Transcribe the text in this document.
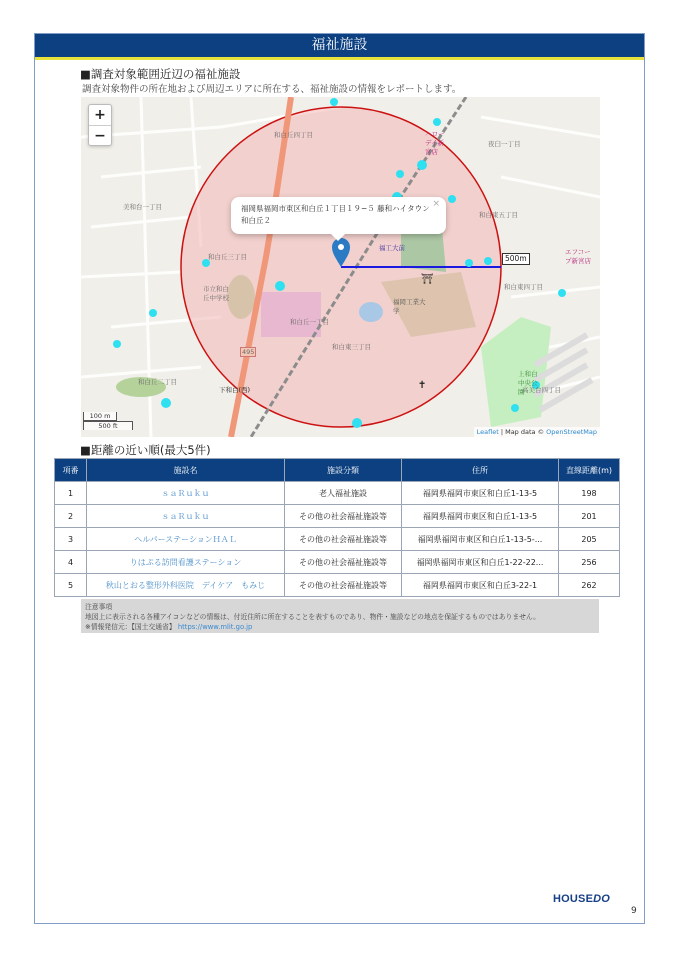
福祉施設
■調査対象範囲近辺の福祉施設
調査対象物件の所在地および周辺エリアに所在する、福祉施設の情報をレポートします。
⛩
✝
和白丘四丁目
夜臼一丁目
美和台一丁目
和白東五丁目
和白丘三丁目
和白東四丁目
和白丘一丁目
和白東三丁目
和白丘二丁目
高美台四丁目
福岡工業大学
福工大前
495
下和白(西)
上和白中央公園
ハローデイ新宮店
エフコープ新宮店
市立和白丘中学校
+
−
福岡県福岡市東区和白丘１丁目１９−５ 藤和ハイタウン
和白丘２
×
500m
100 m
500 ft
Leaflet | Map data © OpenStreetMap
■距離の近い順(最大5件)
項番	施設名	施設分類	住所	直線距離(m)
1	ｓａＲｕｋｕ	老人福祉施設	福岡県福岡市東区和白丘1-13-5	198
2	ｓａＲｕｋｕ	その他の社会福祉施設等	福岡県福岡市東区和白丘1-13-5	201
3	ヘルパーステーションＨＡＬ	その他の社会福祉施設等	福岡県福岡市東区和白丘1-13-5-...	205
4	りはぷる訪問看護ステーション	その他の社会福祉施設等	福岡県福岡市東区和白丘1-22-22...	256
5	秋山とおる整形外科医院　デイケア　もみじ	その他の社会福祉施設等	福岡県福岡市東区和白丘3-22-1	262
注意事項
地図上に表示される各種アイコンなどの情報は、付近住所に所在することを表すものであり、物件・施設などの地点を保証するものではありません。
※情報発信元：【国土交通省】 https://www.mlit.go.jp
HOUSEDO
9
